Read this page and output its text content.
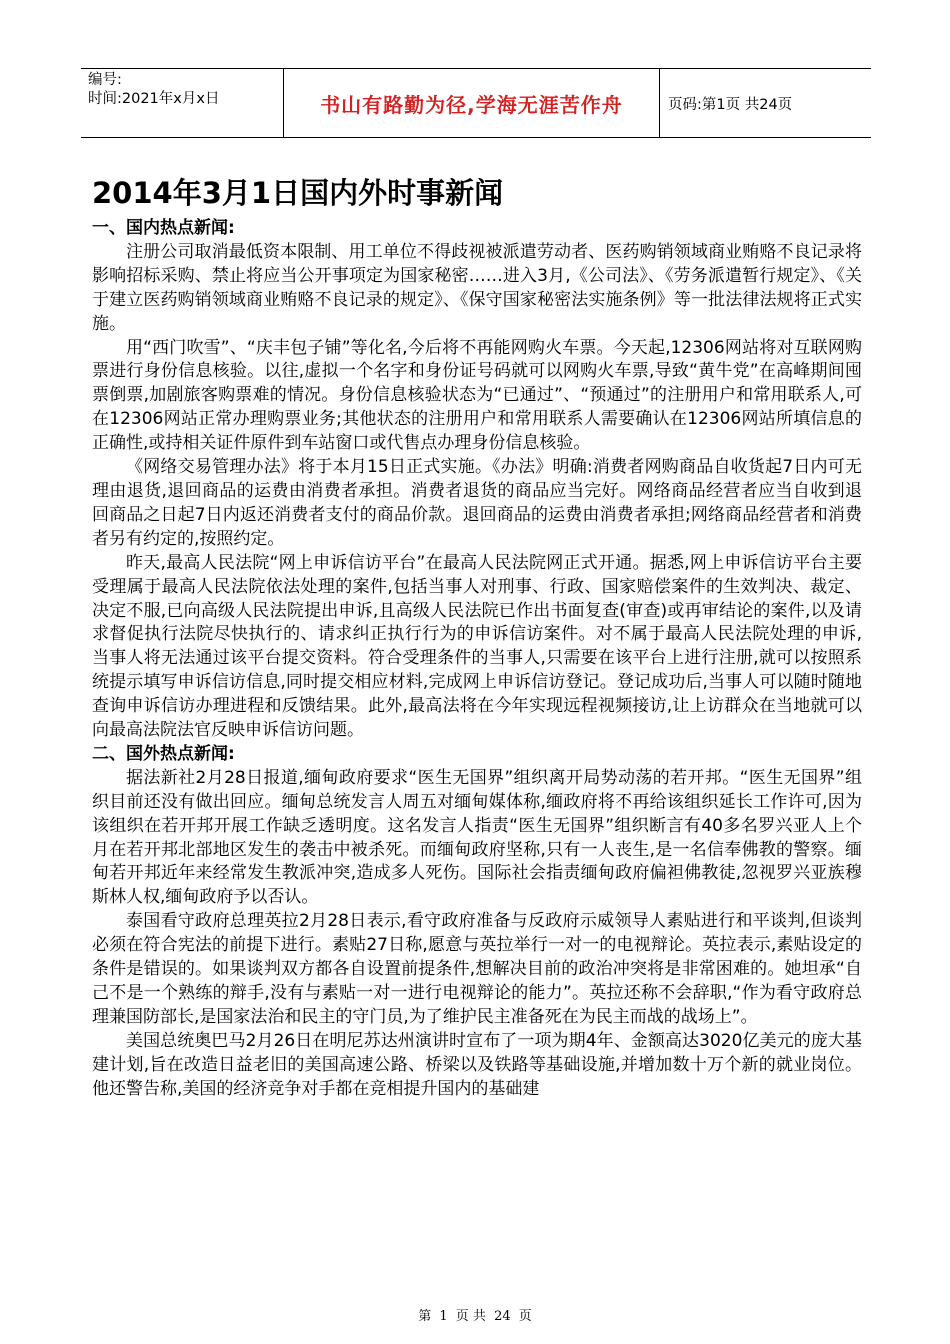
编号:
时间:2021年x月x日	书山有路勤为径,学海无涯苦作舟	页码:第1页 共24页
2014年3月1日国内外时事新闻

一、国内热点新闻:

注册公司取消最低资本限制、用工单位不得歧视被派遣劳动者、医药购销领域商业贿赂不良记录将影响招标采购、禁止将应当公开事项定为国家秘密……进入3月,《公司法》、《劳务派遣暂行规定》、《关于建立医药购销领域商业贿赂不良记录的规定》、《保守国家秘密法实施条例》等一批法律法规将正式实施。

用“西门吹雪”、“庆丰包子铺”等化名,今后将不再能网购火车票。今天起,12306网站将对互联网购票进行身份信息核验。以往,虚拟一个名字和身份证号码就可以网购火车票,导致“黄牛党”在高峰期间囤票倒票,加剧旅客购票难的情况。身份信息核验状态为“已通过”、“预通过”的注册用户和常用联系人,可在12306网站正常办理购票业务;其他状态的注册用户和常用联系人需要确认在12306网站所填信息的正确性,或持相关证件原件到车站窗口或代售点办理身份信息核验。

《网络交易管理办法》将于本月15日正式实施。《办法》明确:消费者网购商品自收货起7日内可无理由退货,退回商品的运费由消费者承担。消费者退货的商品应当完好。网络商品经营者应当自收到退回商品之日起7日内返还消费者支付的商品价款。退回商品的运费由消费者承担;网络商品经营者和消费者另有约定的,按照约定。

昨天,最高人民法院“网上申诉信访平台”在最高人民法院网正式开通。据悉,网上申诉信访平台主要受理属于最高人民法院依法处理的案件,包括当事人对刑事、行政、国家赔偿案件的生效判决、裁定、决定不服,已向高级人民法院提出申诉,且高级人民法院已作出书面复查(审查)或再审结论的案件,以及请求督促执行法院尽快执行的、请求纠正执行行为的申诉信访案件。对不属于最高人民法院处理的申诉,当事人将无法通过该平台提交资料。符合受理条件的当事人,只需要在该平台上进行注册,就可以按照系统提示填写申诉信访信息,同时提交相应材料,完成网上申诉信访登记。登记成功后,当事人可以随时随地查询申诉信访办理进程和反馈结果。此外,最高法将在今年实现远程视频接访,让上访群众在当地就可以向最高法院法官反映申诉信访问题。

二、国外热点新闻:

据法新社2月28日报道,缅甸政府要求“医生无国界”组织离开局势动荡的若开邦。“医生无国界”组织目前还没有做出回应。缅甸总统发言人周五对缅甸媒体称,缅政府将不再给该组织延长工作许可,因为该组织在若开邦开展工作缺乏透明度。这名发言人指责“医生无国界”组织断言有40多名罗兴亚人上个月在若开邦北部地区发生的袭击中被杀死。而缅甸政府坚称,只有一人丧生,是一名信奉佛教的警察。缅甸若开邦近年来经常发生教派冲突,造成多人死伤。国际社会指责缅甸政府偏袒佛教徒,忽视罗兴亚族穆斯林人权,缅甸政府予以否认。

泰国看守政府总理英拉2月28日表示,看守政府准备与反政府示威领导人素贴进行和平谈判,但谈判必须在符合宪法的前提下进行。素贴27日称,愿意与英拉举行一对一的电视辩论。英拉表示,素贴设定的条件是错误的。如果谈判双方都各自设置前提条件,想解决目前的政治冲突将是非常困难的。她坦承“自己不是一个熟练的辩手,没有与素贴一对一进行电视辩论的能力”。英拉还称不会辞职,“作为看守政府总理兼国防部长,是国家法治和民主的守门员,为了维护民主准备死在为民主而战的战场上”。

美国总统奥巴马2月26日在明尼苏达州演讲时宣布了一项为期4年、金额高达3020亿美元的庞大基建计划,旨在改造日益老旧的美国高速公路、桥梁以及铁路等基础设施,并增加数十万个新的就业岗位。他还警告称,美国的经济竞争对手都在竞相提升国内的基础建

第 1 页 共 24 页
